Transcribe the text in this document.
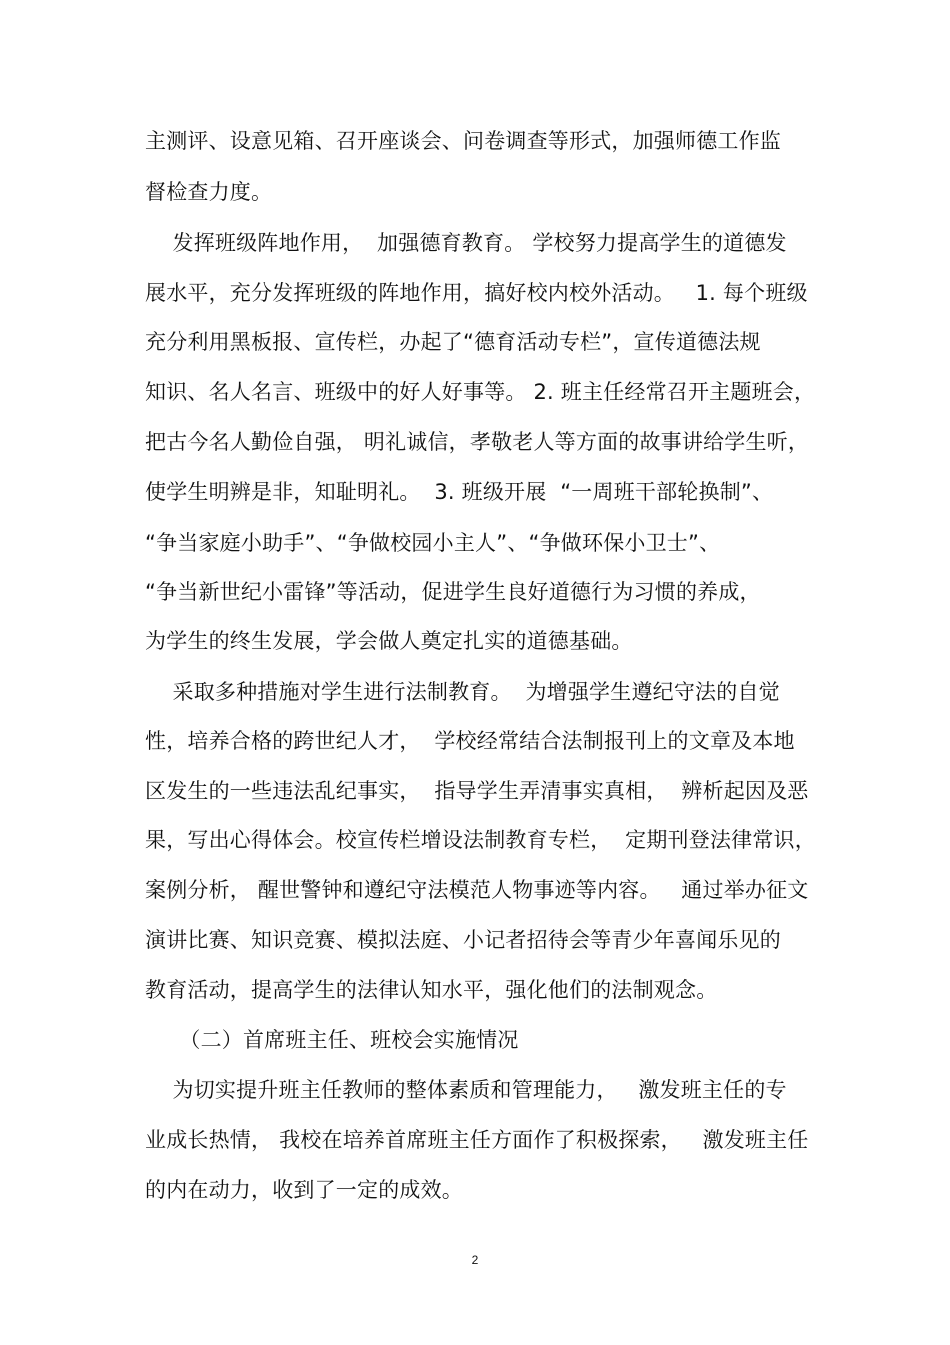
主测评、设意见箱、召开座谈会、问卷调查等形式，加强师德工作监
督检查力度。
发挥班级阵地作用，  加强德育教育。 学校努力提高学生的道德发
展水平，充分发挥班级的阵地作用，搞好校内校外活动。   1. 每个班级
充分利用黑板报、宣传栏，办起了“德育活动专栏”，宣传道德法规
知识、名人名言、班级中的好人好事等。 2. 班主任经常召开主题班会，
把古今名人勤俭自强， 明礼诚信，孝敬老人等方面的故事讲给学生听，
使学生明辨是非，知耻明礼。  3. 班级开展  “一周班干部轮换制”、
“争当家庭小助手”、“争做校园小主人”、“争做环保小卫士”、
“争当新世纪小雷锋”等活动，促进学生良好道德行为习惯的养成，
为学生的终生发展，学会做人奠定扎实的道德基础。
采取多种措施对学生进行法制教育。  为增强学生遵纪守法的自觉
性，培养合格的跨世纪人才，  学校经常结合法制报刊上的文章及本地
区发生的一些违法乱纪事实，  指导学生弄清事实真相，  辨析起因及恶
果，写出心得体会。校宣传栏增设法制教育专栏，  定期刊登法律常识，
案例分析， 醒世警钟和遵纪守法模范人物事迹等内容。   通过举办征文
演讲比赛、知识竞赛、模拟法庭、小记者招待会等青少年喜闻乐见的
教育活动，提高学生的法律认知水平，强化他们的法制观念。
（二）首席班主任、班校会实施情况
为切实提升班主任教师的整体素质和管理能力，   激发班主任的专
业成长热情， 我校在培养首席班主任方面作了积极探索，   激发班主任
的内在动力，收到了一定的成效。
2
